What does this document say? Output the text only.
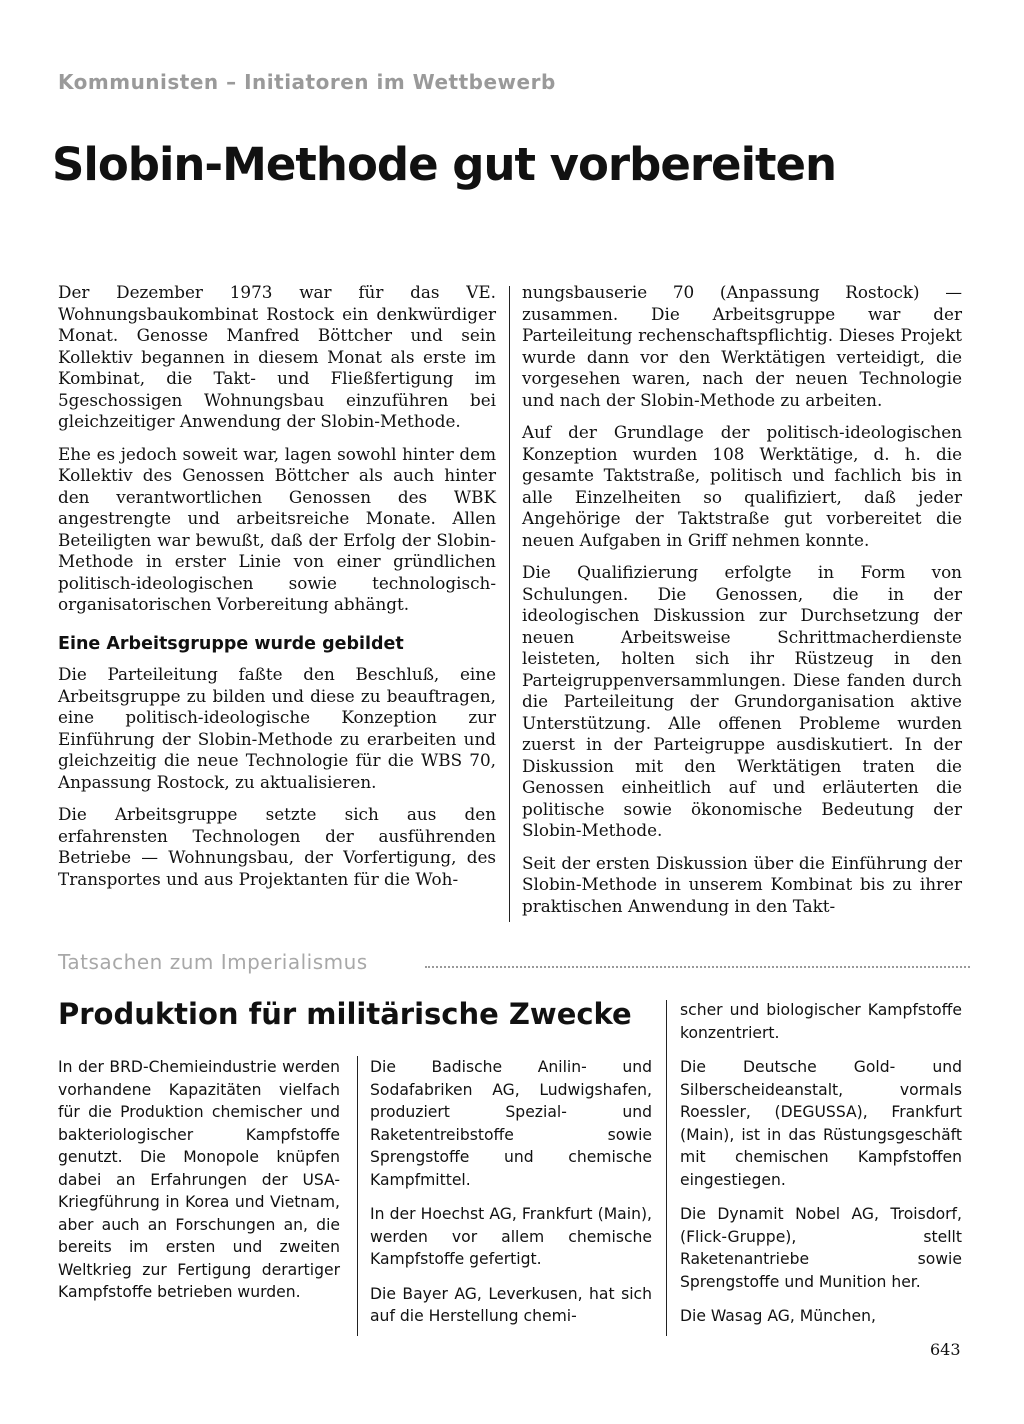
Kommunisten – Initiatoren im Wettbewerb
Slobin-Methode gut vorbereiten

Der Dezember 1973 war für das VE. Wohnungsbaukombinat Rostock ein denkwürdiger Monat. Genosse Manfred Böttcher und sein Kollektiv begannen in diesem Monat als erste im Kombinat, die Takt- und Fließfertigung im 5geschossigen Wohnungsbau einzuführen bei gleichzeitiger Anwendung der Slobin-Methode.

Ehe es jedoch soweit war, lagen sowohl hinter dem Kollektiv des Genossen Böttcher als auch hinter den verantwortlichen Genossen des WBK angestrengte und arbeitsreiche Monate. Allen Beteiligten war bewußt, daß der Erfolg der Slobin-Methode in erster Linie von einer gründlichen politisch-ideologischen sowie technologisch-organisatorischen Vorbereitung abhängt.

Eine Arbeitsgruppe wurde gebildet

Die Parteileitung faßte den Beschluß, eine Arbeitsgruppe zu bilden und diese zu beauftragen, eine politisch-ideologische Konzeption zur Einführung der Slobin-Methode zu erarbeiten und gleichzeitig die neue Technologie für die WBS 70, Anpassung Rostock, zu aktualisieren.

Die Arbeitsgruppe setzte sich aus den erfahrensten Technologen der ausführenden Betriebe — Wohnungsbau, der Vorfertigung, des Transportes und aus Projektanten für die Woh-

nungsbauserie 70 (Anpassung Rostock) — zusammen. Die Arbeitsgruppe war der Parteileitung rechenschaftspflichtig. Dieses Projekt wurde dann vor den Werktätigen verteidigt, die vorgesehen waren, nach der neuen Technologie und nach der Slobin-Methode zu arbeiten.

Auf der Grundlage der politisch-ideologischen Konzeption wurden 108 Werktätige, d. h. die gesamte Taktstraße, politisch und fachlich bis in alle Einzelheiten so qualifiziert, daß jeder Angehörige der Taktstraße gut vorbereitet die neuen Aufgaben in Griff nehmen konnte.

Die Qualifizierung erfolgte in Form von Schulungen. Die Genossen, die in der ideologischen Diskussion zur Durchsetzung der neuen Arbeitsweise Schrittmacherdienste leisteten, holten sich ihr Rüstzeug in den Parteigruppenversammlungen. Diese fanden durch die Parteileitung der Grundorganisation aktive Unterstützung. Alle offenen Probleme wurden zuerst in der Parteigruppe ausdiskutiert. In der Diskussion mit den Werktätigen traten die Genossen einheitlich auf und erläuterten die politische sowie ökonomische Bedeutung der Slobin-Methode.

Seit der ersten Diskussion über die Einführung der Slobin-Methode in unserem Kombinat bis zu ihrer praktischen Anwendung in den Takt-

Tatsachen zum Imperialismus
Produktion für militärische Zwecke

In der BRD-Chemieindustrie werden vorhandene Kapazitäten vielfach für die Produktion chemischer und bakteriologischer Kampfstoffe genutzt. Die Monopole knüpfen dabei an Erfahrungen der USA-Kriegführung in Korea und Vietnam, aber auch an Forschungen an, die bereits im ersten und zweiten Weltkrieg zur Fertigung derartiger Kampfstoffe betrieben wurden.

Die Badische Anilin- und Sodafabriken AG, Ludwigshafen, produziert Spezial- und Raketentreibstoffe sowie Sprengstoffe und chemische Kampfmittel.

In der Hoechst AG, Frankfurt (Main), werden vor allem chemische Kampfstoffe gefertigt.

Die Bayer AG, Leverkusen, hat sich auf die Herstellung chemi-

scher und biologischer Kampfstoffe konzentriert.

Die Deutsche Gold- und Silberscheideanstalt, vormals Roessler, (DEGUSSA), Frankfurt (Main), ist in das Rüstungsgeschäft mit chemischen Kampfstoffen eingestiegen.

Die Dynamit Nobel AG, Troisdorf, (Flick-Gruppe), stellt Raketenantriebe sowie Sprengstoffe und Munition her.

Die Wasag AG, München,

643
